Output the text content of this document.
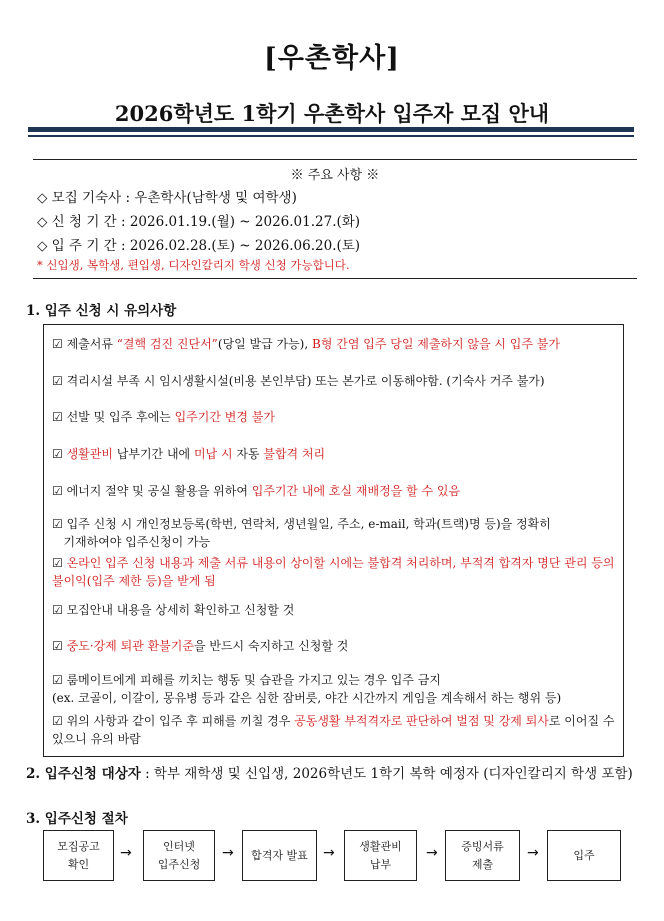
[우촌학사]
2026학년도 1학기 우촌학사 입주자 모집 안내
※ 주요 사항 ※
◇ 모집 기숙사 : 우촌학사(남학생 및 여학생)
◇ 신 청 기 간 : 2026.01.19.(월) ~ 2026.01.27.(화)
◇ 입 주 기 간 : 2026.02.28.(토) ~ 2026.06.20.(토)
* 신입생, 복학생, 편입생, 디자인칼리지 학생 신청 가능합니다.
1. 입주 신청 시 유의사항
☑ 제출서류 “결핵 검진 진단서”(당일 발급 가능), B형 간염 입주 당일 제출하지 않을 시 입주 불가
☑ 격리시설 부족 시 임시생활시설(비용 본인부담) 또는 본가로 이동해야함. (기숙사 거주 불가)
☑ 선발 및 입주 후에는 입주기간 변경 불가
☑ 생활관비 납부기간 내에 미납 시 자동 불합격 처리
☑ 에너지 절약 및 공실 활용을 위하여 입주기간 내에 호실 재배정을 할 수 있음
☑ 입주 신청 시 개인정보등록(학번, 연락처, 생년월일, 주소, e-mail, 학과(트랙)명 등)을 정확히
기재하여야 입주신청이 가능
☑ 온라인 입주 신청 내용과 제출 서류 내용이 상이할 시에는 불합격 처리하며, 부적격 합격자 명단 관리 등의 불이익(입주 제한 등)을 받게 됨
☑ 모집안내 내용을 상세히 확인하고 신청할 것
☑ 중도·강제 퇴관 환불기준을 반드시 숙지하고 신청할 것
☑ 룸메이트에게 피해를 끼치는 행동 및 습관을 가지고 있는 경우 입주 금지
(ex. 코골이, 이갈이, 몽유병 등과 같은 심한 잠버릇, 야간 시간까지 게임을 계속해서 하는 행위 등)
☑ 위의 사항과 같이 입주 후 피해를 끼칠 경우 공동생활 부적격자로 판단하여 벌점 및 강제 퇴사로 이어질 수 있으니 유의 바람
2. 입주신청 대상자 : 학부 재학생 및 신입생, 2026학년도 1학기 복학 예정자 (디자인칼리지 학생 포함)
3. 입주신청 절차
모집공고
확인
→	인터넷
입주신청
→ 합격자 발표 → 생활관비
납부
→ 증빙서류
제출
→	입주
